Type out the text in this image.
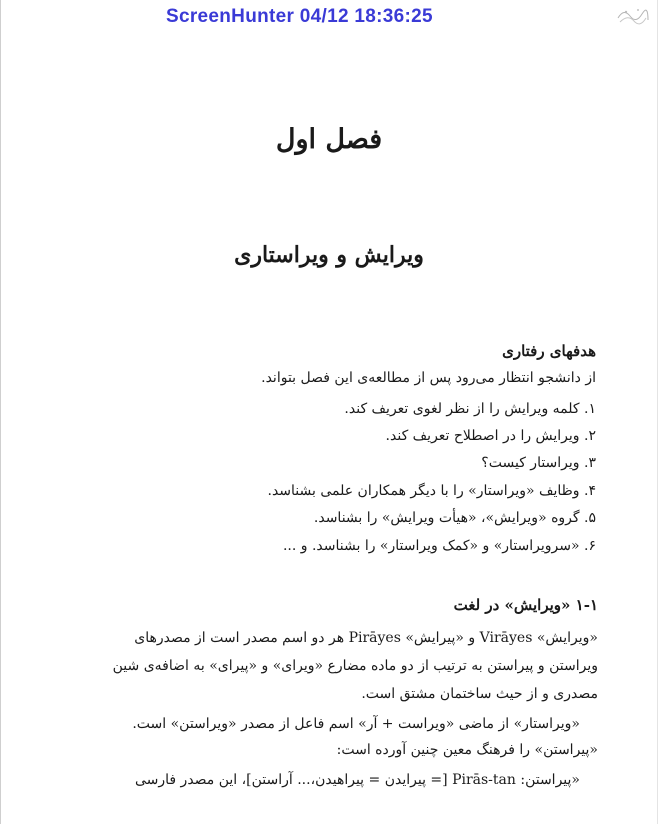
ScreenHunter 04/12 18:36:25
فصل اول
ویرایش و ویراستاری
هدفهای رفتاری
از دانشجو انتظار می‌رود پس از مطالعه‌ی این فصل بتواند.
۱. کلمه ویرایش را از نظر لغوی تعریف کند.
۲. ویرایش را در اصطلاح تعریف کند.
۳. ویراستار کیست؟
۴. وظایف «ویراستار» را با دیگر همکاران علمی بشناسد.
۵. گروه «ویرایش»، «هیأت ویرایش» را بشناسد.
۶. «سرویراستار» و «کمک ویراستار» را بشناسد. و ...
۱-۱ «ویرایش» در لغت
«ویرایش» Virāyes و «پیرایش» Pirāyes هر دو اسم مصدر است از مصدرهای
ویراستن و پیراستن به ترتیب از دو ماده مضارع «ویرای» و «پیرای» به اضافه‌ی شین
مصدری و از حیث ساختمان مشتق است.
«ویراستار» از ماضی «ویراست + آر» اسم فاعل از مصدر «ویراستن» است.
«پیراستن» را فرهنگ معین چنین آورده است:
«پیراستن: Pirās-tan [= پیرایدن = پیراهیدن،... آراستن]، این مصدر فارسی
